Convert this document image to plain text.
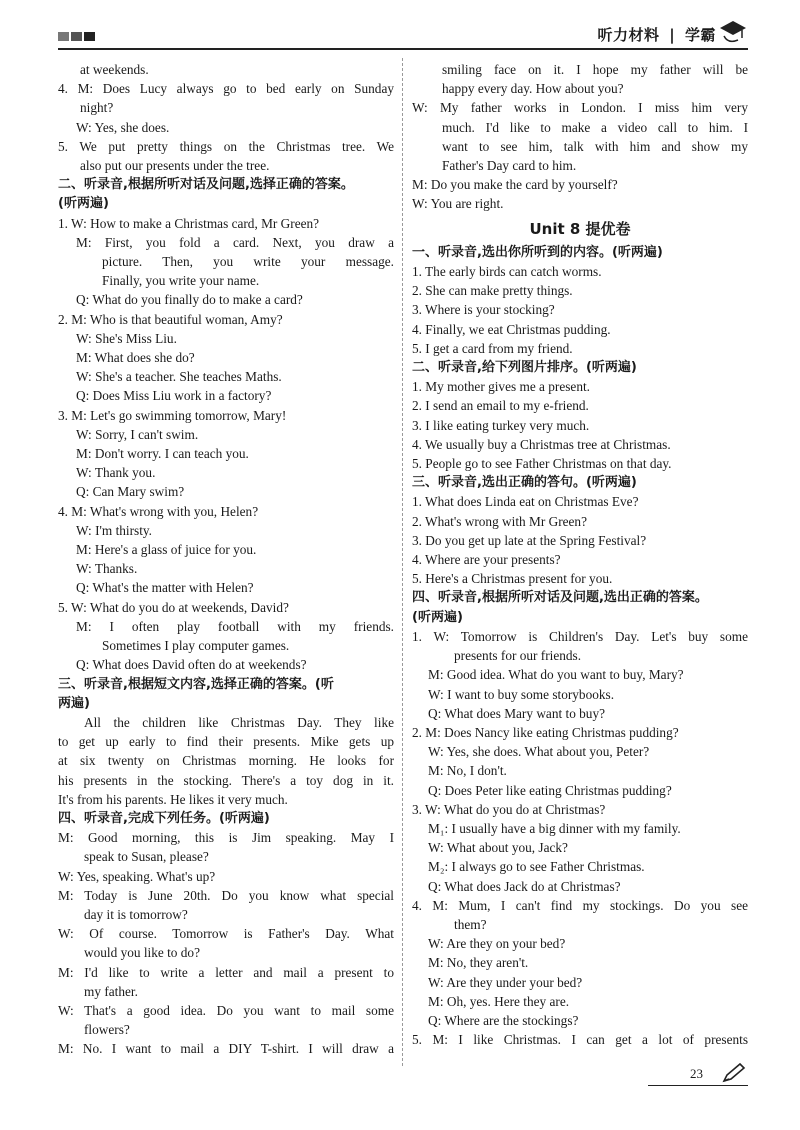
听力材料 | 学霸
at weekends.
4. M: Does Lucy always go to bed early on Sunday
night?
W: Yes, she does.
5. We put pretty things on the Christmas tree. We
also put our presents under the tree.
二、听录音,根据所听对话及问题,选择正确的答案。
(听两遍)
1. W: How to make a Christmas card, Mr Green?
M: First, you fold a card. Next, you draw a
picture. Then, you write your message.
Finally, you write your name.
Q: What do you finally do to make a card?
2. M: Who is that beautiful woman, Amy?
W: She's Miss Liu.
M: What does she do?
W: She's a teacher. She teaches Maths.
Q: Does Miss Liu work in a factory?
3. M: Let's go swimming tomorrow, Mary!
W: Sorry, I can't swim.
M: Don't worry. I can teach you.
W: Thank you.
Q: Can Mary swim?
4. M: What's wrong with you, Helen?
W: I'm thirsty.
M: Here's a glass of juice for you.
W: Thanks.
Q: What's the matter with Helen?
5. W: What do you do at weekends, David?
M: I often play football with my friends.
Sometimes I play computer games.
Q: What does David often do at weekends?
三、听录音,根据短文内容,选择正确的答案。(听
两遍)
All the children like Christmas Day. They like
to get up early to find their presents. Mike gets up
at six twenty on Christmas morning. He looks for
his presents in the stocking. There's a toy dog in it.
It's from his parents. He likes it very much.
四、听录音,完成下列任务。(听两遍)
M: Good morning, this is Jim speaking. May I
speak to Susan, please?
W: Yes, speaking. What's up?
M: Today is June 20th. Do you know what special
day it is tomorrow?
W: Of course. Tomorrow is Father's Day. What
would you like to do?
M: I'd like to write a letter and mail a present to
my father.
W: That's a good idea. Do you want to mail some
flowers?
M: No. I want to mail a DIY T-shirt. I will draw a
smiling face on it. I hope my father will be
happy every day. How about you?
W: My father works in London. I miss him very
much. I'd like to make a video call to him. I
want to see him, talk with him and show my
Father's Day card to him.
M: Do you make the card by yourself?
W: You are right.
Unit 8 提优卷
一、听录音,选出你所听到的内容。(听两遍)
1. The early birds can catch worms.
2. She can make pretty things.
3. Where is your stocking?
4. Finally, we eat Christmas pudding.
5. I get a card from my friend.
二、听录音,给下列图片排序。(听两遍)
1. My mother gives me a present.
2. I send an email to my e-friend.
3. I like eating turkey very much.
4. We usually buy a Christmas tree at Christmas.
5. People go to see Father Christmas on that day.
三、听录音,选出正确的答句。(听两遍)
1. What does Linda eat on Christmas Eve?
2. What's wrong with Mr Green?
3. Do you get up late at the Spring Festival?
4. Where are your presents?
5. Here's a Christmas present for you.
四、听录音,根据所听对话及问题,选出正确的答案。
(听两遍)
1. W: Tomorrow is Children's Day. Let's buy some
presents for our friends.
M: Good idea. What do you want to buy, Mary?
W: I want to buy some storybooks.
Q: What does Mary want to buy?
2. M: Does Nancy like eating Christmas pudding?
W: Yes, she does. What about you, Peter?
M: No, I don't.
Q: Does Peter like eating Christmas pudding?
3. W: What do you do at Christmas?
M₁: I usually have a big dinner with my family.
W: What about you, Jack?
M₂: I always go to see Father Christmas.
Q: What does Jack do at Christmas?
4. M: Mum, I can't find my stockings. Do you see
them?
W: Are they on your bed?
M: No, they aren't.
W: Are they under your bed?
M: Oh, yes. Here they are.
Q: Where are the stockings?
5. M: I like Christmas. I can get a lot of presents
23
